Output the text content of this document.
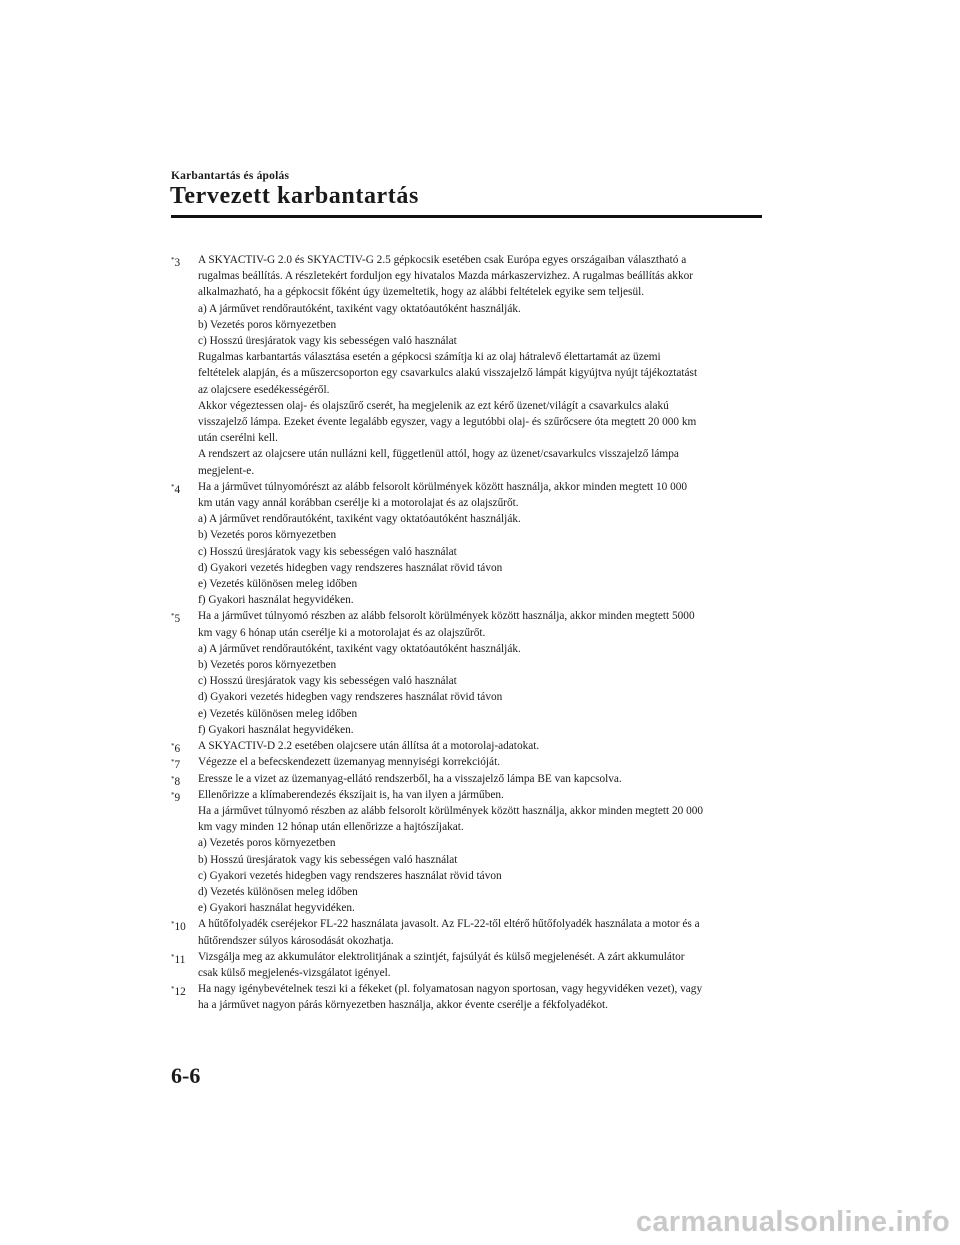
Karbantartás és ápolás
Tervezett karbantartás
*3 A SKYACTIV-G 2.0 és SKYACTIV-G 2.5 gépkocsik esetében csak Európa egyes országaiban választható a
rugalmas beállítás. A részletekért forduljon egy hivatalos Mazda márkaszervizhez. A rugalmas beállítás akkor
alkalmazható, ha a gépkocsit főként úgy üzemeltetik, hogy az alábbi feltételek egyike sem teljesül.
a) A járművet rendőrautóként, taxiként vagy oktatóautóként használják.
b) Vezetés poros környezetben
c) Hosszú üresjáratok vagy kis sebességen való használat
Rugalmas karbantartás választása esetén a gépkocsi számítja ki az olaj hátralevő élettartamát az üzemi
feltételek alapján, és a műszercsoporton egy csavarkulcs alakú visszajelző lámpát kigyújtva nyújt tájékoztatást
az olajcsere esedékességéről.
Akkor végeztessen olaj- és olajszűrő cserét, ha megjelenik az ezt kérő üzenet/világít a csavarkulcs alakú
visszajelző lámpa. Ezeket évente legalább egyszer, vagy a legutóbbi olaj- és szűrőcsere óta megtett 20 000 km
után cserélni kell.
A rendszert az olajcsere után nullázni kell, függetlenül attól, hogy az üzenet/csavarkulcs visszajelző lámpa
megjelent-e.

*4 Ha a járművet túlnyomórészt az alább felsorolt körülmények között használja, akkor minden megtett 10 000
km után vagy annál korábban cserélje ki a motorolajat és az olajszűrőt.
a) A járművet rendőrautóként, taxiként vagy oktatóautóként használják.
b) Vezetés poros környezetben
c) Hosszú üresjáratok vagy kis sebességen való használat
d) Gyakori vezetés hidegben vagy rendszeres használat rövid távon
e) Vezetés különösen meleg időben
f) Gyakori használat hegyvidéken.

*5 Ha a járművet túlnyomó részben az alább felsorolt körülmények között használja, akkor minden megtett 5000
km vagy 6 hónap után cserélje ki a motorolajat és az olajszűrőt.
a) A járművet rendőrautóként, taxiként vagy oktatóautóként használják.
b) Vezetés poros környezetben
c) Hosszú üresjáratok vagy kis sebességen való használat
d) Gyakori vezetés hidegben vagy rendszeres használat rövid távon
e) Vezetés különösen meleg időben
f) Gyakori használat hegyvidéken.

*6 A SKYACTIV-D 2.2 esetében olajcsere után állítsa át a motorolaj-adatokat.

*7 Végezze el a befecskendezett üzemanyag mennyiségi korrekcióját.

*8 Eressze le a vizet az üzemanyag-ellátó rendszerből, ha a visszajelző lámpa BE van kapcsolva.

*9 Ellenőrizze a klímaberendezés ékszíjait is, ha van ilyen a járműben.
Ha a járművet túlnyomó részben az alább felsorolt körülmények között használja, akkor minden megtett 20 000
km vagy minden 12 hónap után ellenőrizze a hajtószíjakat.
a) Vezetés poros környezetben
b) Hosszú üresjáratok vagy kis sebességen való használat
c) Gyakori vezetés hidegben vagy rendszeres használat rövid távon
d) Vezetés különösen meleg időben
e) Gyakori használat hegyvidéken.

*10 A hűtőfolyadék cseréjekor FL-22 használata javasolt. Az FL-22-től eltérő hűtőfolyadék használata a motor és a
hűtőrendszer súlyos károsodását okozhatja.

*11 Vizsgálja meg az akkumulátor elektrolitjának a szintjét, fajsúlyát és külső megjelenését. A zárt akkumulátor
csak külső megjelenés-vizsgálatot igényel.

*12 Ha nagy igénybevételnek teszi ki a fékeket (pl. folyamatosan nagyon sportosan, vagy hegyvidéken vezet), vagy
ha a járművet nagyon párás környezetben használja, akkor évente cserélje a fékfolyadékot.

6-6
carmanualsonline.info
